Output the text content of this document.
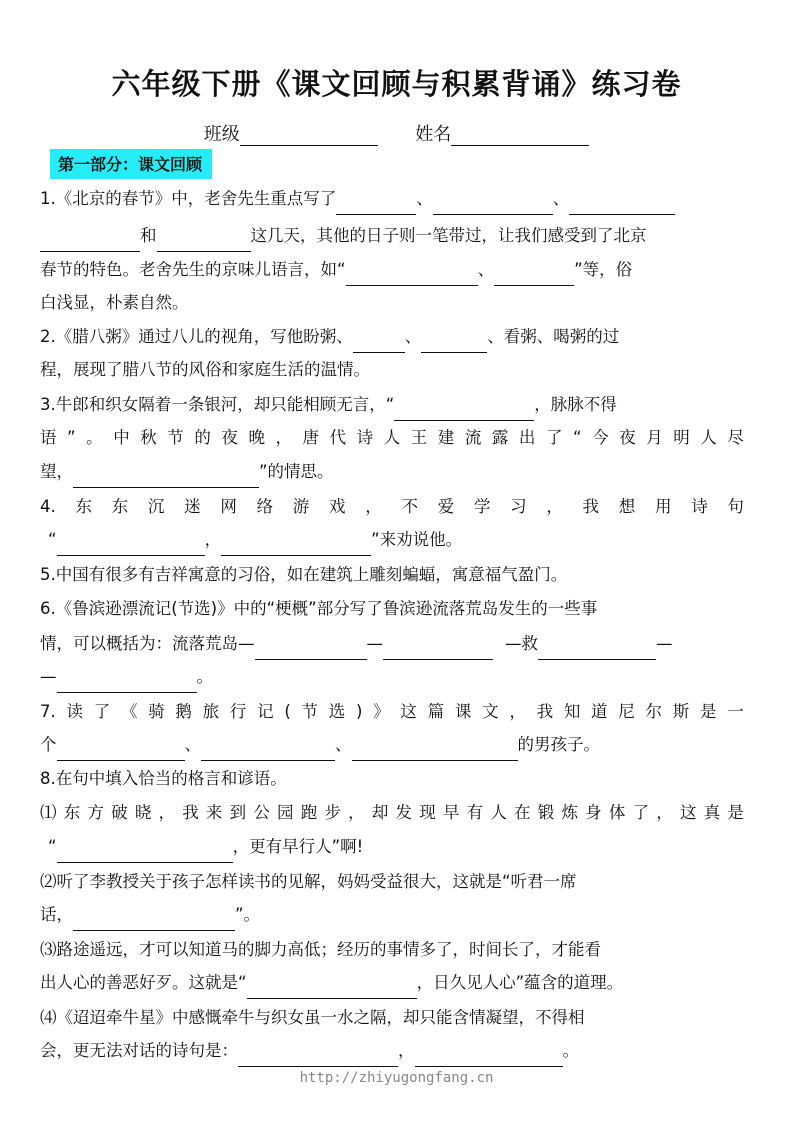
六年级下册《课文回顾与积累背诵》练习卷
班级	姓名
第一部分：课文回顾
1.《北京的春节》中，老舍先生重点写了	、	、
和	这几天，其他的日子则一笔带过，让我们感受到了北京
春节的特色。老舍先生的京味儿语言，如“	、	”等，俗
白浅显，朴素自然。
2.《腊八粥》通过八儿的视角，写他盼粥、	、	、看粥、喝粥的过
程，展现了腊八节的风俗和家庭生活的温情。
3.牛郎和织女隔着一条银河，却只能相顾无言，“	，脉脉不得
语 ” 。 中 秋 节 的 夜 晚 ， 唐 代 诗 人 王 建 流 露 出 了 “ 今 夜 月 明 人 尽
望，	”的情思。
4. 东 东 沉 迷 网 络 游 戏 ， 不 爱 学 习 ， 我 想 用 诗 句
“	，	”来劝说他。
5.中国有很多有吉祥寓意的习俗，如在建筑上雕刻蝙蝠，寓意福气盈门。
6.《鲁滨逊漂流记(节选)》中的“梗概”部分写了鲁滨逊流落荒岛发生的一些事
情，可以概括为：流落荒岛—	—	—救	—
—	。
7. 读 了 《 骑 鹅 旅 行 记 ( 节 选 ) 》 这 篇 课 文 ， 我 知 道 尼 尔 斯 是 一
个	、	、	的男孩子。
8.在句中填入恰当的格言和谚语。
⑴ 东 方 破 晓 ， 我 来 到 公 园 跑 步 ， 却 发 现 早 有 人 在 锻 炼 身 体 了 ， 这 真 是
“	，更有早行人”啊!
⑵听了李教授关于孩子怎样读书的见解，妈妈受益很大，这就是“听君一席
话，	”。
⑶路途遥远，才可以知道马的脚力高低；经历的事情多了，时间长了，才能看
出人心的善恶好歹。这就是“	，日久见人心”蕴含的道理。
⑷《迢迢牵牛星》中感慨牵牛与织女虽一水之隔，却只能含情凝望，不得相
会，更无法对话的诗句是：	，	。
http://zhiyugongfang.cn
